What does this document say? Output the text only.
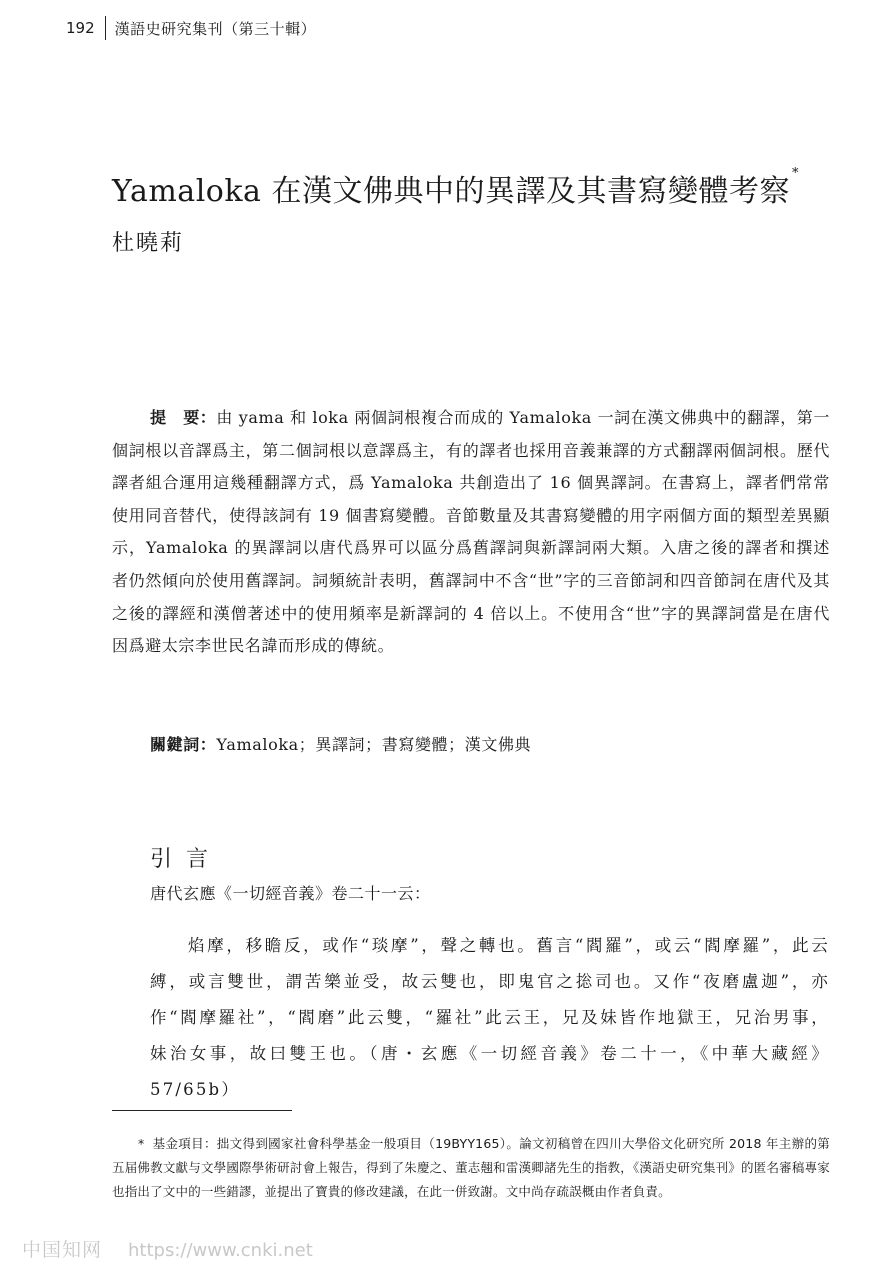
192 漢語史研究集刊（第三十輯）
Yamaloka 在漢文佛典中的異譯及其書寫變體考察*
杜曉莉
提　要：由 yama 和 loka 兩個詞根複合而成的 Yamaloka 一詞在漢文佛典中的翻譯，第一個詞根以音譯爲主，第二個詞根以意譯爲主，有的譯者也採用音義兼譯的方式翻譯兩個詞根。歷代譯者組合運用這幾種翻譯方式，爲 Yamaloka 共創造出了 16 個異譯詞。在書寫上，譯者們常常使用同音替代，使得該詞有 19 個書寫變體。音節數量及其書寫變體的用字兩個方面的類型差異顯示，Yamaloka 的異譯詞以唐代爲界可以區分爲舊譯詞與新譯詞兩大類。入唐之後的譯者和撰述者仍然傾向於使用舊譯詞。詞頻統計表明，舊譯詞中不含“世”字的三音節詞和四音節詞在唐代及其之後的譯經和漢僧著述中的使用頻率是新譯詞的 4 倍以上。不使用含“世”字的異譯詞當是在唐代因爲避太宗李世民名諱而形成的傳統。
關鍵詞：Yamaloka；異譯詞；書寫變體；漢文佛典
引言
唐代玄應《一切經音義》卷二十一云：
焰摩，移瞻反，或作“琰摩”，聲之轉也。舊言“閻羅”，或云“閻摩羅”，此云縛，或言雙世，謂苦樂並受，故云雙也，即鬼官之捴司也。又作“夜磨盧迦”，亦作“閻摩羅社”，“閻磨”此云雙，“羅社”此云王，兄及妹皆作地獄王，兄治男事，妹治女事，故曰雙王也。（唐・玄應《一切經音義》卷二十一，《中華大藏經》57/65b）
* 基金項目：拙文得到國家社會科學基金一般項目（19BYY165）。論文初稿曾在四川大學俗文化研究所 2018 年主辦的第五届佛教文獻与文學國際學術研討會上報告，得到了朱慶之、董志翹和雷漢卿諸先生的指教，《漢語史研究集刊》的匿名審稿專家也指出了文中的一些錯謬，並提出了寶貴的修改建議，在此一併致謝。文中尚存疏誤概由作者負責。
中国知网 https://www.cnki.net
